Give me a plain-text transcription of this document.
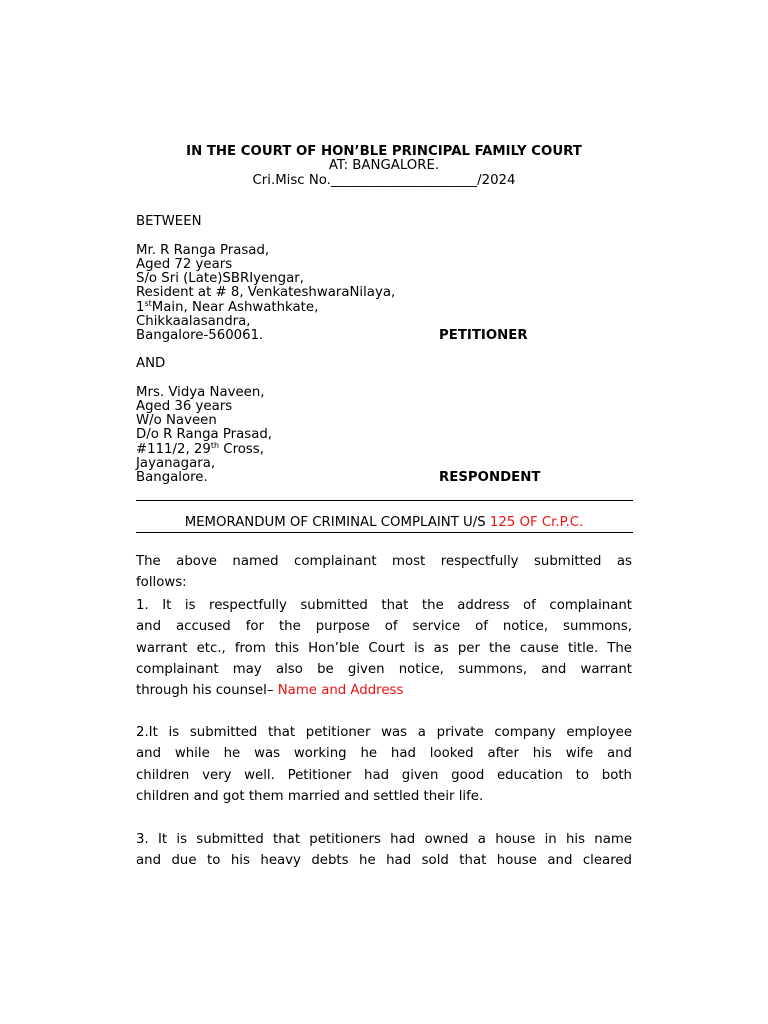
IN THE COURT OF HON’BLE PRINCIPAL FAMILY COURT
AT: BANGALORE.
Cri.Misc No.______________________/2024
BETWEEN
Mr. R Ranga Prasad,
Aged 72 years
S/o Sri (Late)SBRIyengar,
Resident at # 8, VenkateshwaraNilaya,
1stMain, Near Ashwathkate,
Chikkaalasandra,
Bangalore-560061.	PETITIONER
AND
Mrs. Vidya Naveen,
Aged 36 years
W/o Naveen
D/o R Ranga Prasad,
#111/2, 29th Cross,
Jayanagara,
Bangalore.	RESPONDENT
MEMORANDUM OF CRIMINAL COMPLAINT U/S 125 OF Cr.P.C.
The above named complainant most respectfully submitted as
follows:
1. It is respectfully submitted that the address of complainant
and accused for the purpose of service of notice, summons,
warrant etc., from this Hon’ble Court is as per the cause title. The
complainant may also be given notice, summons, and warrant
through his counsel– Name and Address
2.It is submitted that petitioner was a private company employee
and while he was working he had looked after his wife and
children very well. Petitioner had given good education to both
children and got them married and settled their life.
3. It is submitted that petitioners had owned a house in his name
and due to his heavy debts he had sold that house and cleared
